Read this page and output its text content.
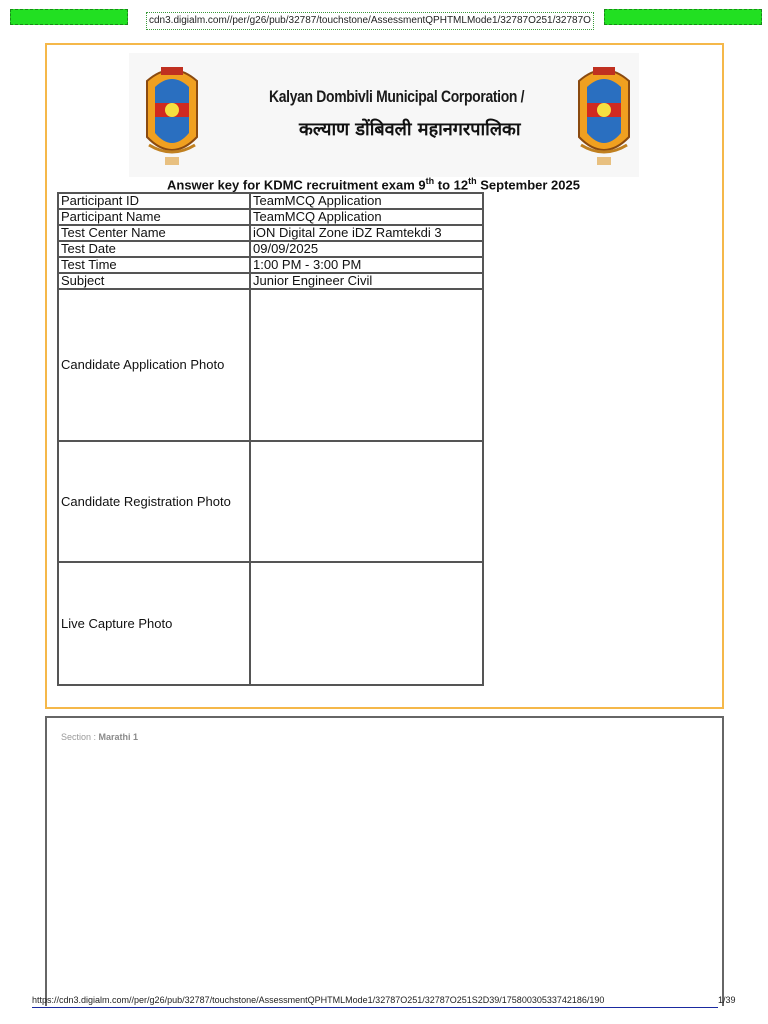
cdn3.digialm.com//per/g26/pub/32787/touchstone/AssessmentQPHTMLMode1/32787O251/32787O
Kalyan Dombivli Municipal Corporation /
कल्याण डोंबिवली महानगरपालिका
Answer key for KDMC recruitment exam 9th to 12th September 2025
Participant ID	TeamMCQ Application
Participant Name	TeamMCQ Application
Test Center Name	iON Digital Zone iDZ Ramtekdi 3
Test Date	09/09/2025
Test Time	1:00 PM - 3:00 PM
Subject	Junior Engineer Civil
Candidate Application Photo	
Candidate Registration Photo	
Live Capture Photo	
Section : Marathi 1
https://cdn3.digialm.com//per/g26/pub/32787/touchstone/AssessmentQPHTMLMode1/32787O251/32787O251S2D39/17580030533742186/190	1/39
